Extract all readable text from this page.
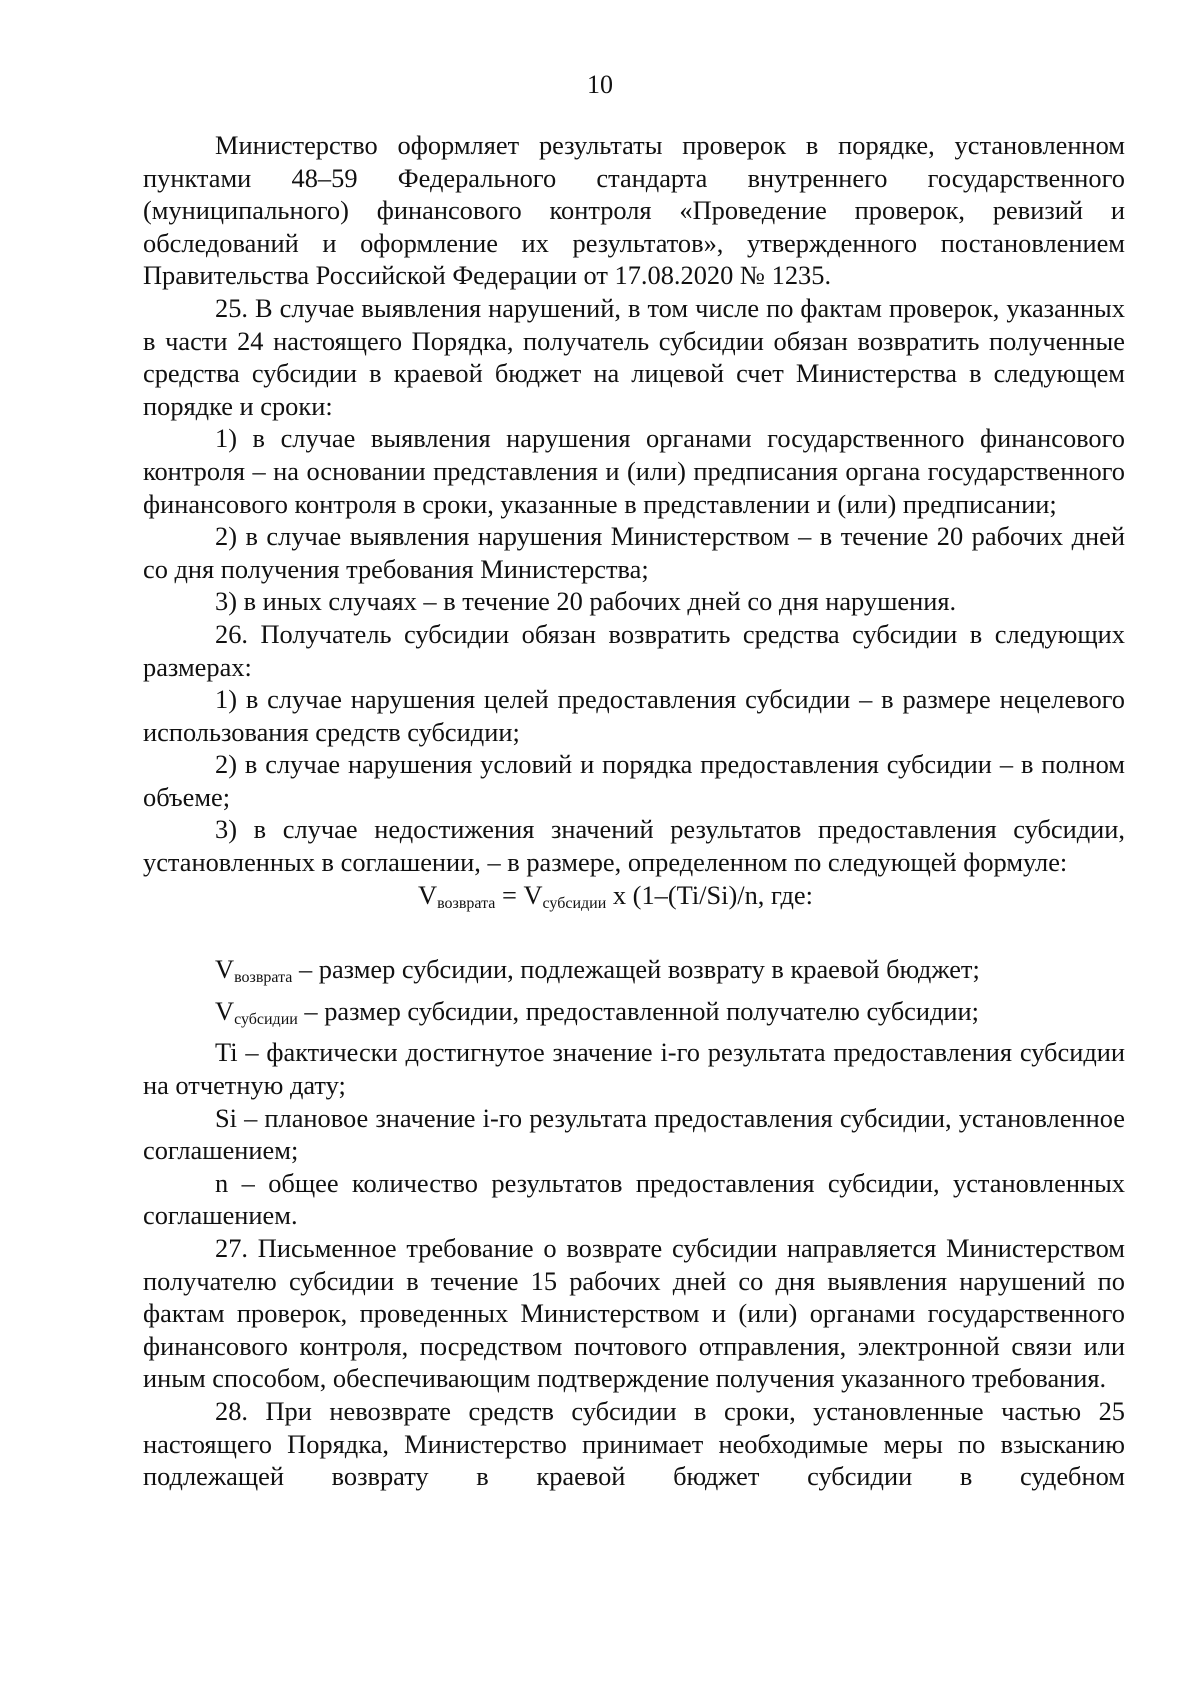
10

Министерство оформляет результаты проверок в порядке, установленном пунктами 48–59 Федерального стандарта внутреннего государственного (муниципального) финансового контроля «Проведение проверок, ревизий и обследований и оформление их результатов», утвержденного постановлением Правительства Российской Федерации от 17.08.2020 № 1235.

25. В случае выявления нарушений, в том числе по фактам проверок, указанных в части 24 настоящего Порядка, получатель субсидии обязан возвратить полученные средства субсидии в краевой бюджет на лицевой счет Министерства в следующем порядке и сроки:

1) в случае выявления нарушения органами государственного финансового контроля – на основании представления и (или) предписания органа государственного финансового контроля в сроки, указанные в представлении и (или) предписании;

2) в случае выявления нарушения Министерством – в течение 20 рабочих дней со дня получения требования Министерства;

3) в иных случаях – в течение 20 рабочих дней со дня нарушения.

26. Получатель субсидии обязан возвратить средства субсидии в следующих размерах:

1) в случае нарушения целей предоставления субсидии – в размере нецелевого использования средств субсидии;

2) в случае нарушения условий и порядка предоставления субсидии – в полном объеме;

3) в случае недостижения значений результатов предоставления субсидии, установленных в соглашении, – в размере, определенном по следующей формуле:

$V_{возврата} = V_{субсидии}$ x (1–(Ti/Si)/n, где:

$V_{возврата}$ – размер субсидии, подлежащей возврату в краевой бюджет;

$V_{субсидии}$ – размер субсидии, предоставленной получателю субсидии;

Ti – фактически достигнутое значение i-го результата предоставления субсидии на отчетную дату;

Si – плановое значение i-го результата предоставления субсидии, установленное соглашением;

n – общее количество результатов предоставления субсидии, установленных соглашением.

27. Письменное требование о возврате субсидии направляется Министерством получателю субсидии в течение 15 рабочих дней со дня выявления нарушений по фактам проверок, проведенных Министерством и (или) органами государственного финансового контроля, посредством почтового отправления, электронной связи или иным способом, обеспечивающим подтверждение получения указанного требования.

28. При невозврате средств субсидии в сроки, установленные частью 25 настоящего Порядка, Министерство принимает необходимые меры по взысканию подлежащей возврату в краевой бюджет субсидии в судебном
